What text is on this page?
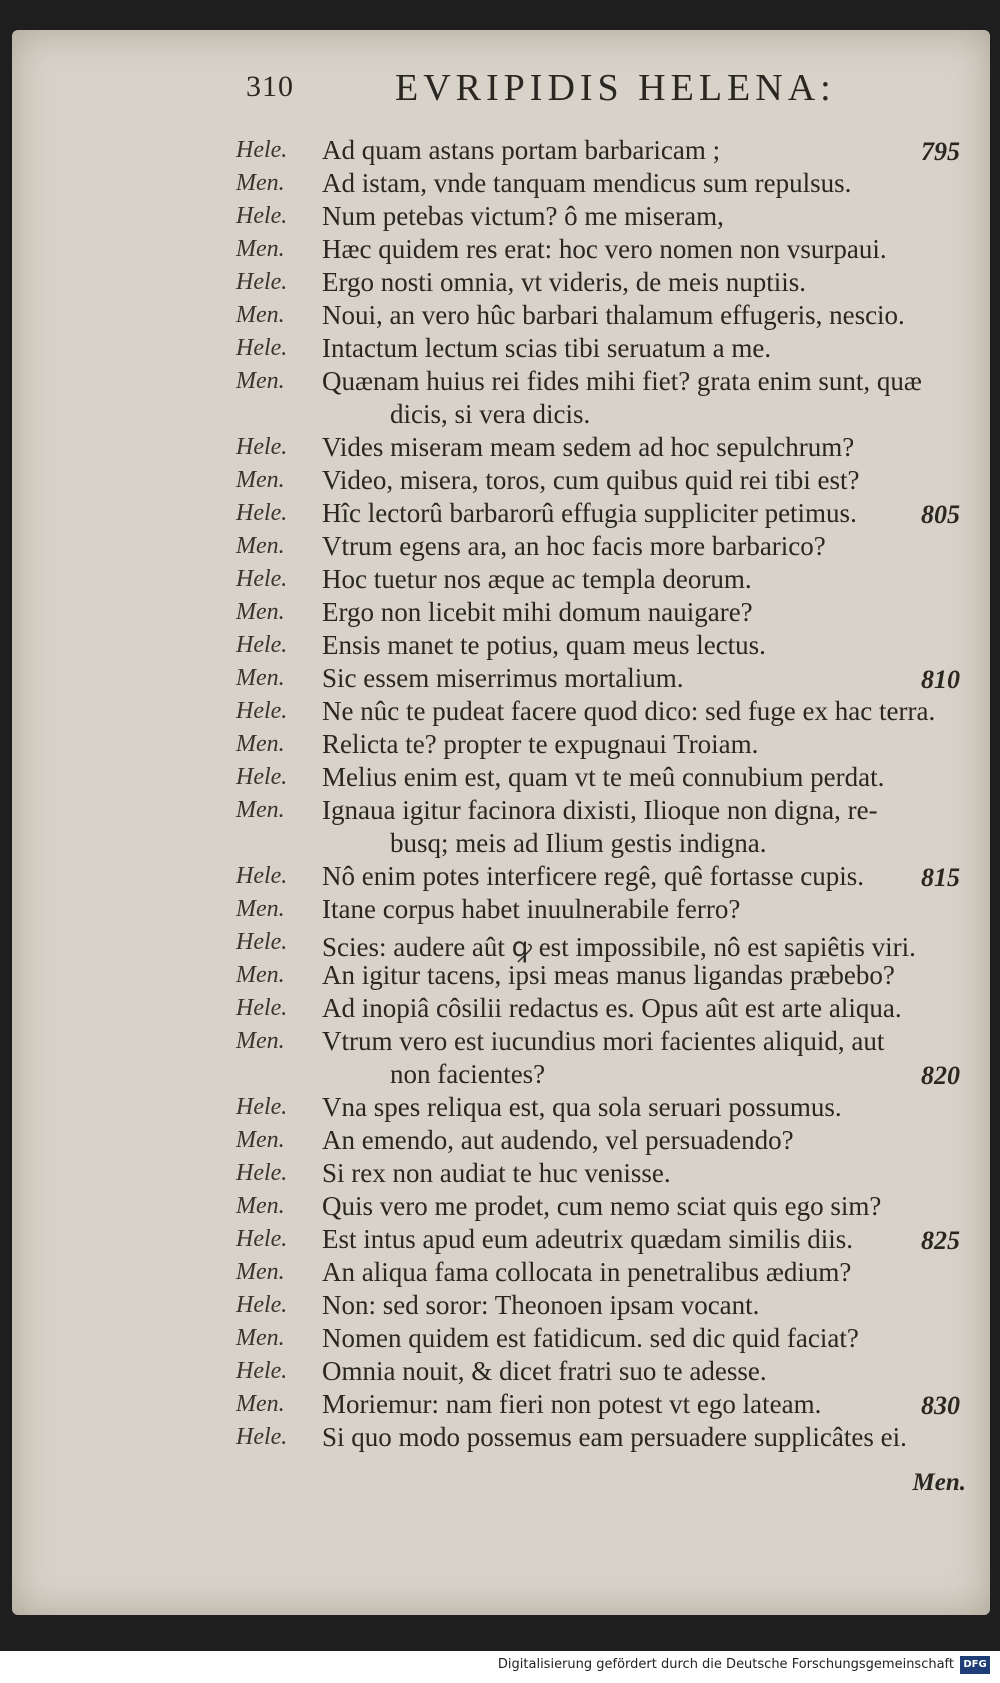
310	EVRIPIDIS HELENA:
Hele. Ad quam astans portam barbaricam ;	795
Men. Ad istam, vnde tanquam mendicus sum repulsus.
Hele. Num petebas victum? ô me miseram,
Men. Hæc quidem res erat: hoc vero nomen non vsurpaui.
Hele. Ergo nosti omnia, vt videris, de meis nuptiis.
Men. Noui, an vero hûc barbari thalamum effugeris, nescio.
Hele. Intactum lectum scias tibi seruatum a me.
Men. Quænam huius rei fides mihi fiet? grata enim sunt, quæ
dicis, si vera dicis.
Hele. Vides miseram meam sedem ad hoc sepulchrum?
Men. Video, misera, toros, cum quibus quid rei tibi est?
Hele. Hîc lectorû barbarorû effugia suppliciter petimus. 805
Men. Vtrum egens ara, an hoc facis more barbarico?
Hele. Hoc tuetur nos æque ac templa deorum.
Men. Ergo non licebit mihi domum nauigare?
Hele. Ensis manet te potius, quam meus lectus.
Men. Sic essem miserrimus mortalium.	810
Hele. Ne nûc te pudeat facere quod dico: sed fuge ex hac terra.
Men. Relicta te? propter te expugnaui Troiam.
Hele. Melius enim est, quam vt te meû connubium perdat.
Men. Ignaua igitur facinora dixisti, Ilioque non digna, re-
busq; meis ad Ilium gestis indigna.
Hele. Nô enim potes interficere regê, quê fortasse cupis. 815
Men. Itane corpus habet inuulnerabile ferro?
Hele. Scies: audere aût ꝙ est impossibile, nô est sapiêtis viri.
Men. An igitur tacens, ipsi meas manus ligandas præbebo?
Hele. Ad inopiâ côsilii redactus es. Opus aût est arte aliqua.
Men. Vtrum vero est iucundius mori facientes aliquid, aut
non facientes?	820
Hele. Vna spes reliqua est, qua sola seruari possumus.
Men. An emendo, aut audendo, vel persuadendo?
Hele. Si rex non audiat te huc venisse.
Men. Quis vero me prodet, cum nemo sciat quis ego sim?
Hele. Est intus apud eum adeutrix quædam similis diis.	825
Men. An aliqua fama collocata in penetralibus ædium?
Hele. Non: sed soror: Theonoen ipsam vocant.
Men. Nomen quidem est fatidicum. sed dic quid faciat?
Hele. Omnia nouit, & dicet fratri suo te adesse.
Men. Moriemur: nam fieri non potest vt ego lateam.	830
Hele. Si quo modo possemus eam persuadere supplicâtes ei.
Men.
Digitalisierung gefördert durch die Deutsche Forschungsgemeinschaft DFG
